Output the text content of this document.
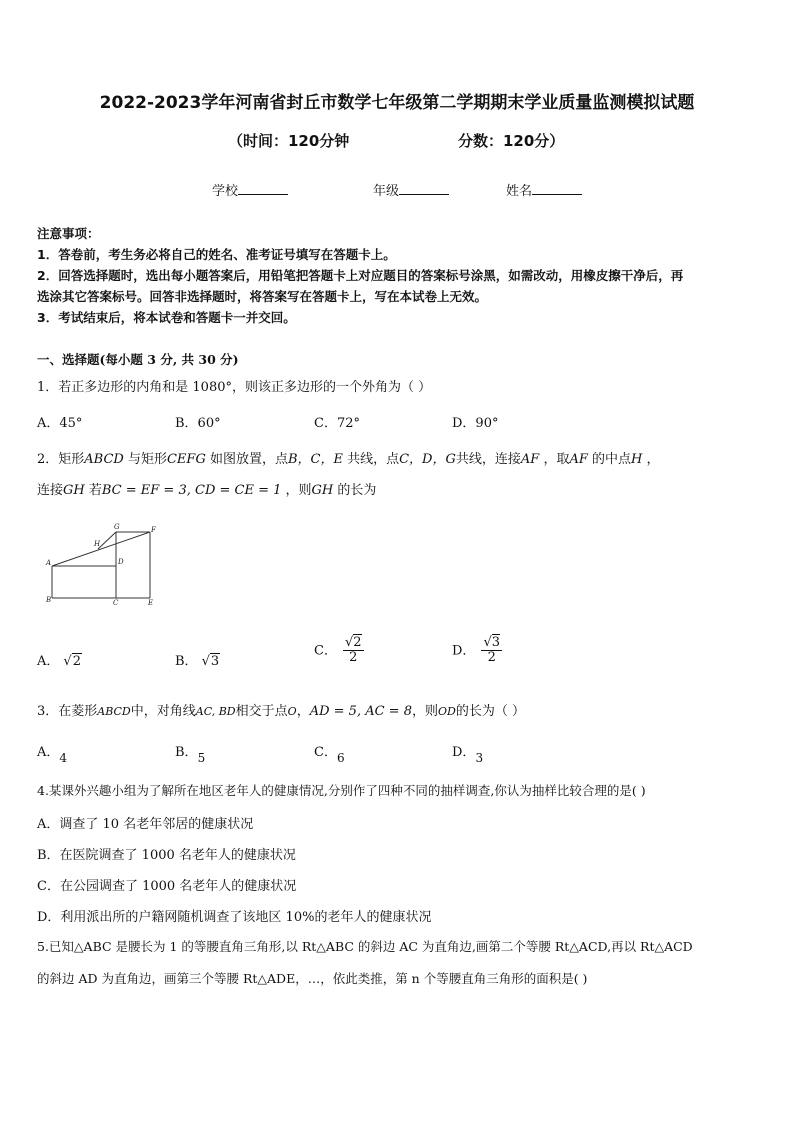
2022-2023学年河南省封丘市数学七年级第二学期期末学业质量监测模拟试题
（时间：120分钟	分数：120分）
学校	年级	姓名
注意事项：
1．答卷前，考生务必将自己的姓名、准考证号填写在答题卡上。
2．回答选择题时，选出每小题答案后，用铅笔把答题卡上对应题目的答案标号涂黑，如需改动，用橡皮擦干净后，再
选涂其它答案标号。回答非选择题时，将答案写在答题卡上，写在本试卷上无效。
3．考试结束后，将本试卷和答题卡一并交回。
一、选择题(每小题 3 分, 共 30 分)
1．若正多边形的内角和是 1080°，则该正多边形的一个外角为（ ）
A．45°	B．60°	C．72°	D．90°
2．矩形ABCD 与矩形CEFG 如图放置，点B，C，E 共线，点C，D，G共线，连接AF ，取AF 的中点H ，
连接GH 若BC = EF = 3, CD = CE = 1 ，则GH 的长为
G	F
H
A	D
B	C	E
A． √2	B． √3
C． $\frac{√2}{2}$	D． $\frac{√3}{2}$
3．在菱形ABCD中，对角线AC, BD相交于点O，AD = 5, AC = 8，则OD的长为（ ）
A．4	B．5	C．6	D．3
4.某课外兴趣小组为了解所在地区老年人的健康情况,分别作了四种不同的抽样调查,你认为抽样比较合理的是( )
A．调查了 10 名老年邻居的健康状况
B．在医院调查了 1000 名老年人的健康状况
C．在公园调查了 1000 名老年人的健康状况
D．利用派出所的户籍网随机调查了该地区 10%的老年人的健康状况
5.已知△ABC 是腰长为 1 的等腰直角三角形,以 Rt△ABC 的斜边 AC 为直角边,画第二个等腰 Rt△ACD,再以 Rt△ACD
的斜边 AD 为直角边，画第三个等腰 Rt△ADE，…，依此类推，第 n 个等腰直角三角形的面积是( )
